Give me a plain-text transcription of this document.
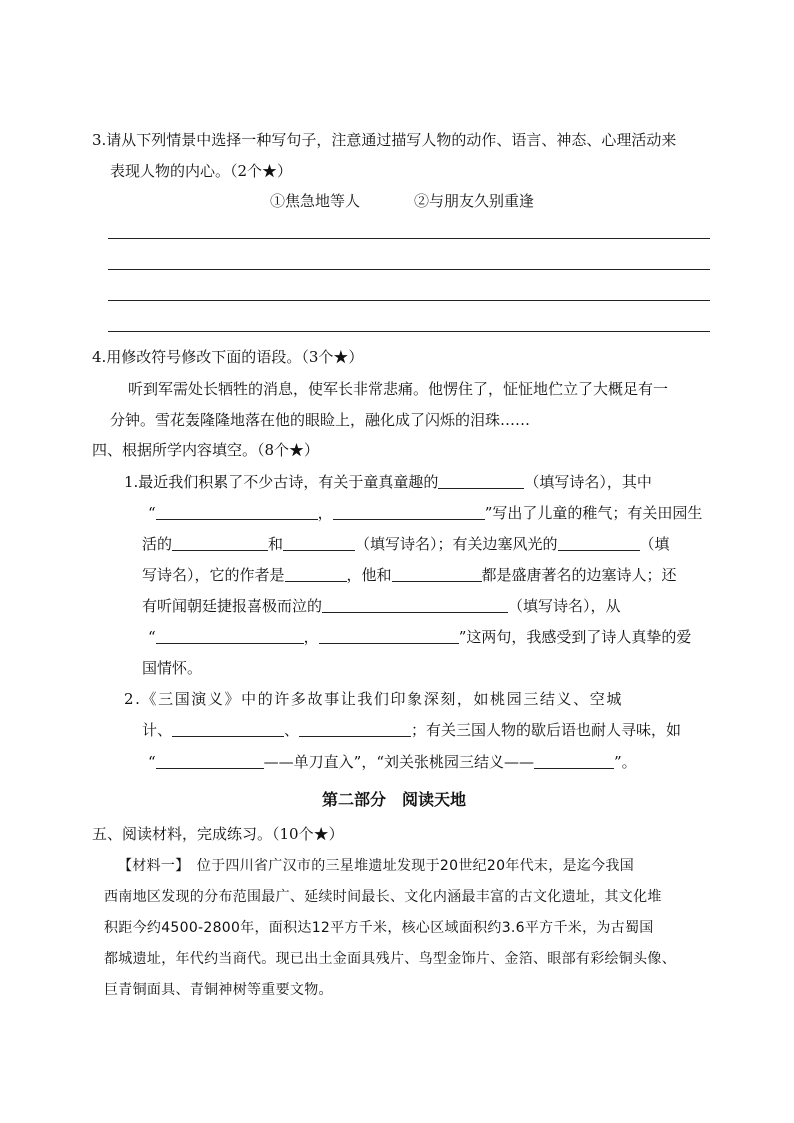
3.请从下列情景中选择一种写句子，注意通过描写人物的动作、语言、神态、心理活动来
表现人物的内心。（2个★）
①焦急地等人	②与朋友久别重逢
4.用修改符号修改下面的语段。（3个★）
听到军需处长牺牲的消息，使军长非常悲痛。他愣住了，怔怔地伫立了大概足有一
分钟。雪花轰隆隆地落在他的眼睑上，融化成了闪烁的泪珠……
四、根据所学内容填空。（8个★）
1.最近我们积累了不少古诗，有关于童真童趣的	（填写诗名），其中
“	，	”写出了儿童的稚气；有关田园生
活的	和	（填写诗名）；有关边塞风光的	（填
写诗名），它的作者是	，他和	都是盛唐著名的边塞诗人；还
有听闻朝廷捷报喜极而泣的	（填写诗名），从
“	，	”这两句，我感受到了诗人真挚的爱
国情怀。
2.《三国演义》中的许多故事让我们印象深刻，如桃园三结义、空城
计、	、	；有关三国人物的歇后语也耐人寻味，如
“	——单刀直入”，“刘关张桃园三结义——	”。
第二部分　阅读天地
五、阅读材料，完成练习。（10个★）
【材料一】　位于四川省广汉市的三星堆遗址发现于20世纪20年代末，是迄今我国
西南地区发现的分布范围最广、延续时间最长、文化内涵最丰富的古文化遗址，其文化堆
积距今约4500-2800年，面积达12平方千米，核心区域面积约3.6平方千米，为古蜀国
都城遗址，年代约当商代。现已出土金面具残片、鸟型金饰片、金箔、眼部有彩绘铜头像、
巨青铜面具、青铜神树等重要文物。
